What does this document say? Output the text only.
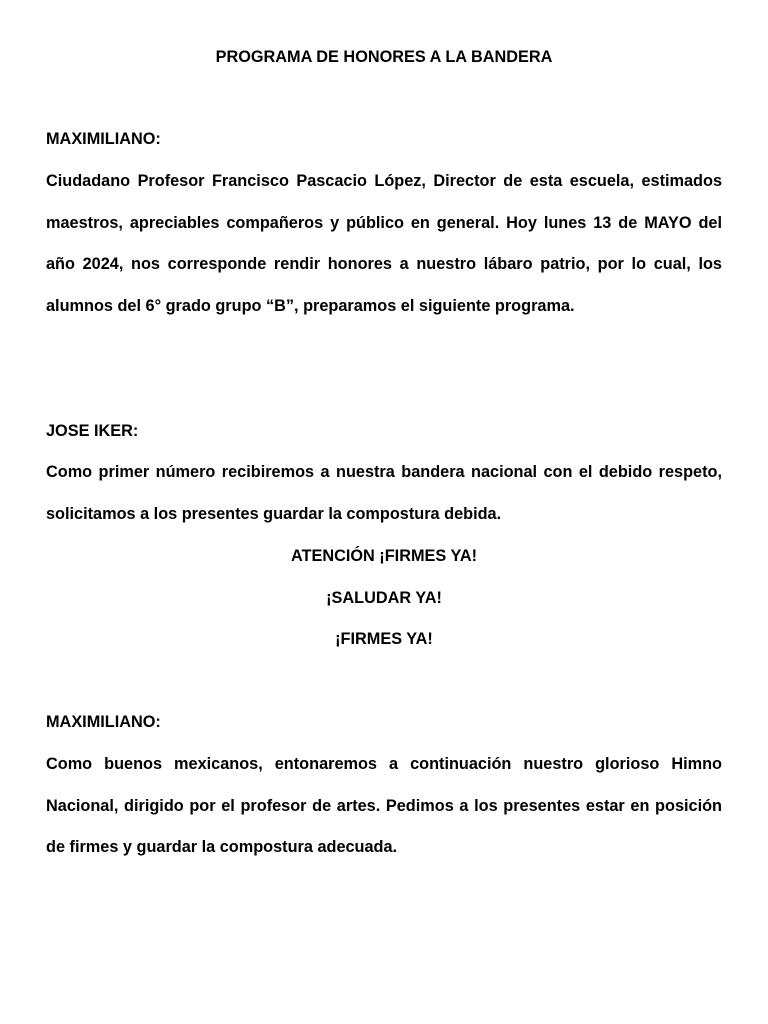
PROGRAMA DE HONORES A LA BANDERA
MAXIMILIANO:
Ciudadano Profesor Francisco Pascacio López, Director de esta escuela, estimados maestros, apreciables compañeros y público en general. Hoy lunes 13 de MAYO del año 2024, nos corresponde rendir honores a nuestro lábaro patrio, por lo cual, los alumnos del 6° grado grupo “B”, preparamos el siguiente programa.
JOSE IKER:
Como primer número recibiremos a nuestra bandera nacional con el debido respeto, solicitamos a los presentes guardar la compostura debida.
ATENCIÓN ¡FIRMES YA!
¡SALUDAR YA!
¡FIRMES YA!
MAXIMILIANO:
Como buenos mexicanos, entonaremos a continuación nuestro glorioso Himno Nacional, dirigido por el profesor de artes. Pedimos a los presentes estar en posición de firmes y guardar la compostura adecuada.
